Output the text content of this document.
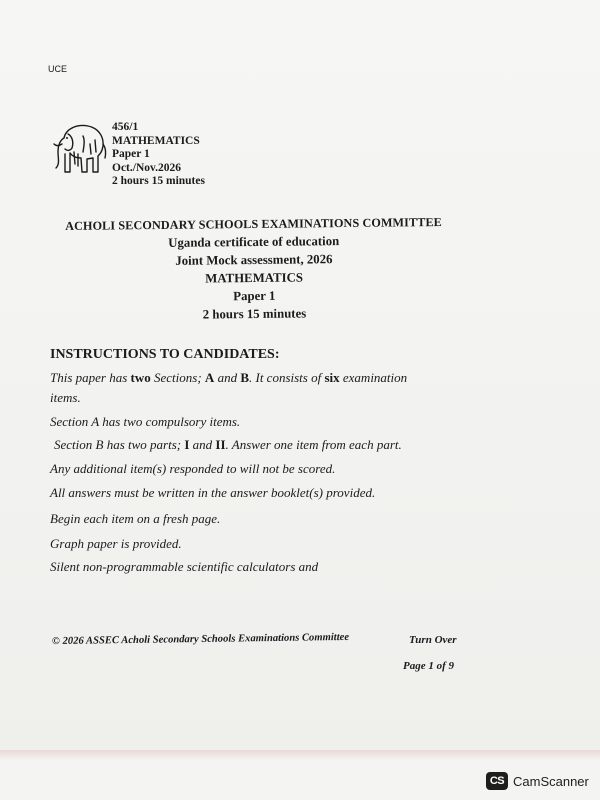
UCE
456/1
MATHEMATICS
Paper 1
Oct./Nov.2026
2 hours 15 minutes
ACHOLI SECONDARY SCHOOLS EXAMINATIONS COMMITTEE
Uganda certificate of education
Joint Mock assessment, 2026
MATHEMATICS
Paper 1
2 hours 15 minutes
INSTRUCTIONS TO CANDIDATES:
This paper has two Sections; A and B. It consists of six examination
items.
Section A has two compulsory items.
Section B has two parts; I and II. Answer one item from each part.
Any additional item(s) responded to will not be scored.
All answers must be written in the answer booklet(s) provided.
Begin each item on a fresh page.
Graph paper is provided.
Silent non-programmable scientific calculators and
© 2026 ASSEC Acholi Secondary Schools Examinations Committee	Turn Over
Page 1 of 9
CS CamScanner
